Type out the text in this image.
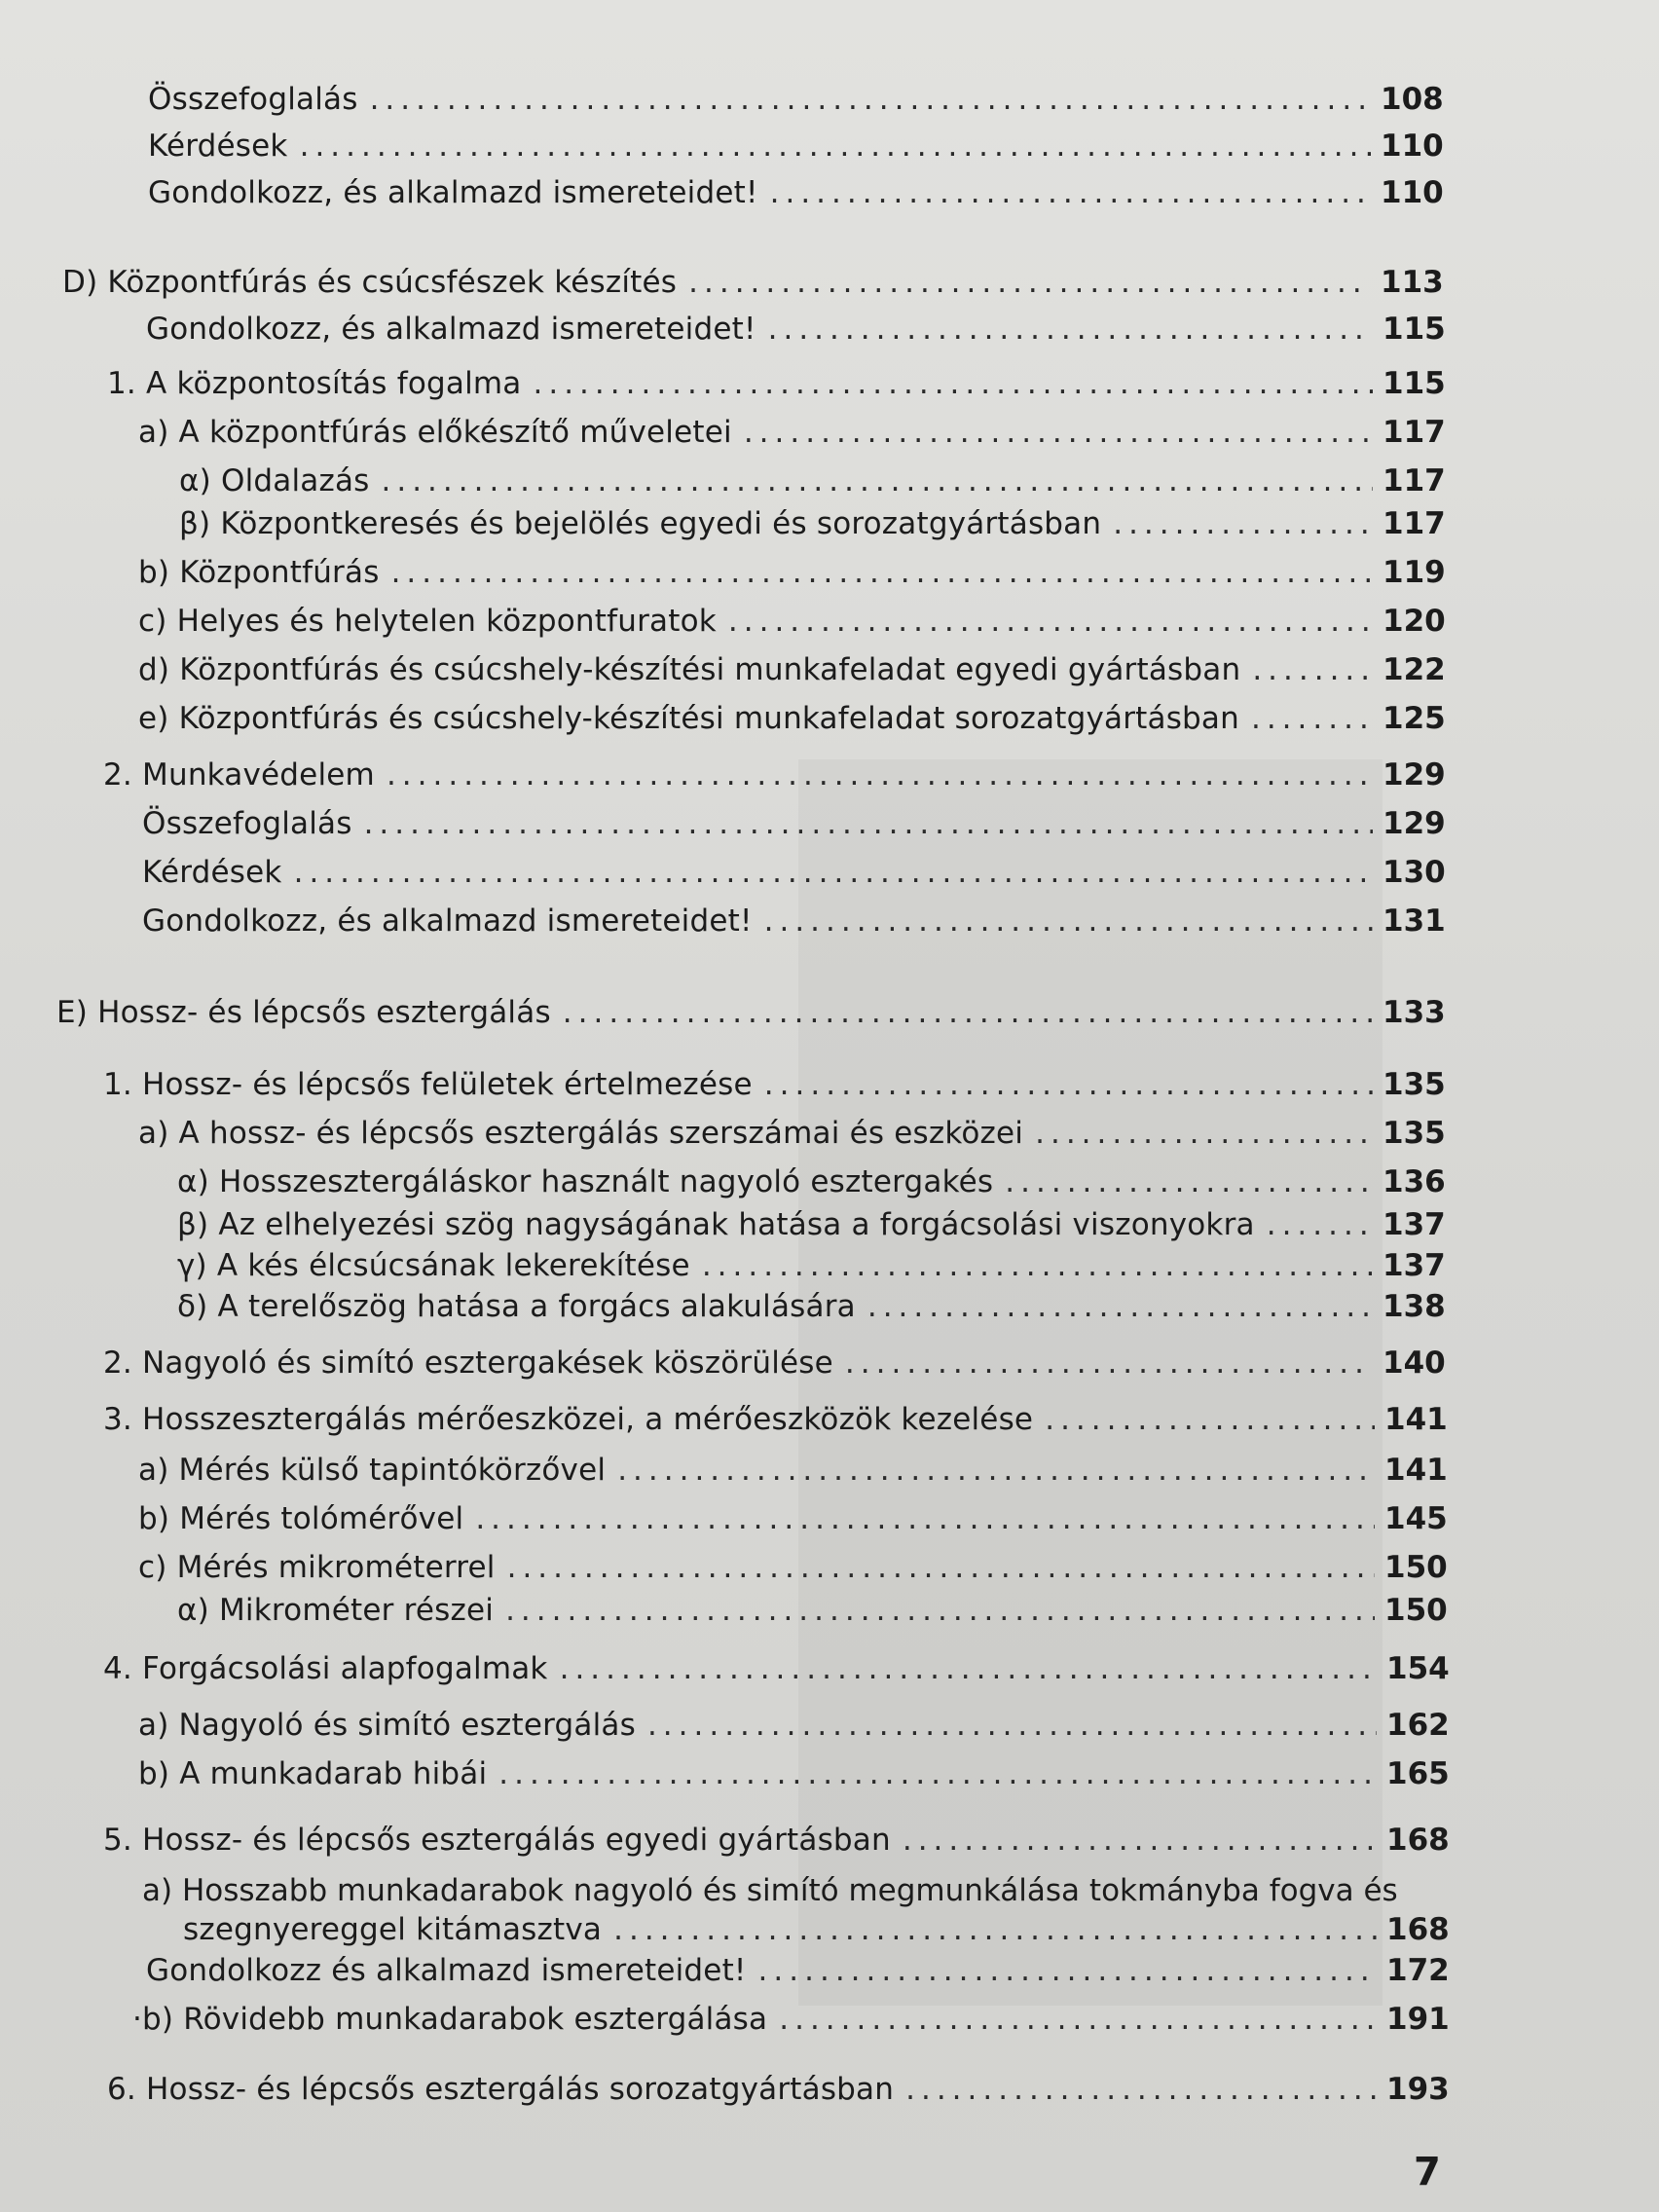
Összefoglalás .....	108
Kérdések .....	110
Gondolkozz, és alkalmazd ismereteidet! .....	110
D) Központfúrás és csúcsfészek készítés .....	113
Gondolkozz, és alkalmazd ismereteidet! .....	115
1. A központosítás fogalma .....	115
a) A központfúrás előkészítő műveletei .....	117
α) Oldalazás .....	117
β) Központkeresés és bejelölés egyedi és sorozatgyártásban .....	117
b) Központfúrás .....	119
c) Helyes és helytelen központfuratok .....	120
d) Központfúrás és csúcshely-készítési munkafeladat egyedi gyártásban .....	122
e) Központfúrás és csúcshely-készítési munkafeladat sorozatgyártásban .....	125
2. Munkavédelem .....	129
Összefoglalás .....	129
Kérdések .....	130
Gondolkozz, és alkalmazd ismereteidet! .....	131
E) Hossz- és lépcsős esztergálás .....	133
1. Hossz- és lépcsős felületek értelmezése .....	135
a) A hossz- és lépcsős esztergálás szerszámai és eszközei .....	135
α) Hosszesztergáláskor használt nagyoló esztergakés .....	136
β) Az elhelyezési szög nagyságának hatása a forgácsolási viszonyokra .....	137
γ) A kés élcsúcsának lekerekítése .....	137
δ) A terelőszög hatása a forgács alakulására .....	138
2. Nagyoló és simító esztergakések köszörülése .....	140
3. Hosszesztergálás mérőeszközei, a mérőeszközök kezelése .....	141
a) Mérés külső tapintókörzővel .....	141
b) Mérés tolómérővel .....	145
c) Mérés mikrométerrel .....	150
α) Mikrométer részei .....	150
4. Forgácsolási alapfogalmak .....	154
a) Nagyoló és simító esztergálás .....	162
b) A munkadarab hibái .....	165
5. Hossz- és lépcsős esztergálás egyedi gyártásban .....	168
a) Hosszabb munkadarabok nagyoló és simító megmunkálása tokmányba fogva és
szegnyereggel kitámasztva .....	168
Gondolkozz és alkalmazd ismereteidet! .....	172
·b) Rövidebb munkadarabok esztergálása .....	191
6. Hossz- és lépcsős esztergálás sorozatgyártásban .....	193
7
